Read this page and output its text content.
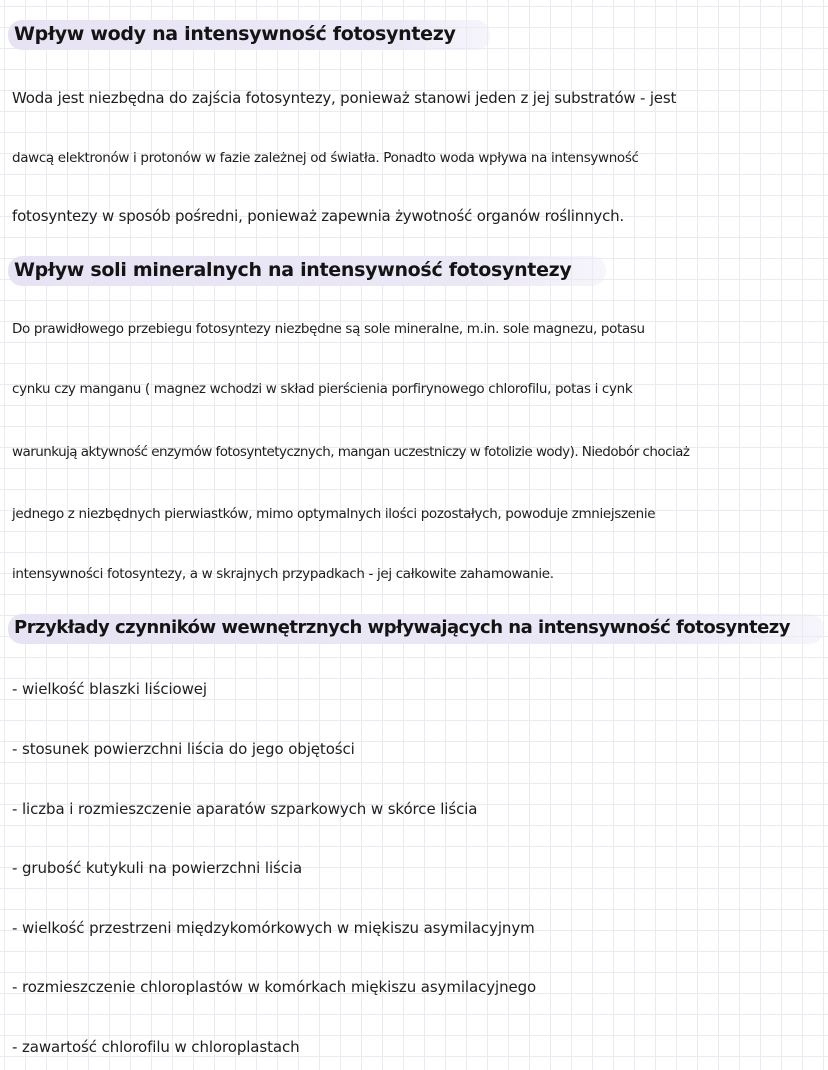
Wpływ wody na intensywność fotosyntezy
Woda jest niezbędna do zajścia fotosyntezy, ponieważ stanowi jeden z jej substratów - jest
dawcą elektronów i protonów w fazie zależnej od światła. Ponadto woda wpływa na intensywność
fotosyntezy w sposób pośredni, ponieważ zapewnia żywotność organów roślinnych.
Wpływ soli mineralnych na intensywność fotosyntezy
Do prawidłowego przebiegu fotosyntezy niezbędne są sole mineralne, m.in. sole magnezu, potasu
cynku czy manganu ( magnez wchodzi w skład pierścienia porfirynowego chlorofilu, potas i cynk
warunkują aktywność enzymów fotosyntetycznych, mangan uczestniczy w fotolizie wody). Niedobór chociaż
jednego z niezbędnych pierwiastków, mimo optymalnych ilości pozostałych, powoduje zmniejszenie
intensywności fotosyntezy, a w skrajnych przypadkach - jej całkowite zahamowanie.
Przykłady czynników wewnętrznych wpływających na intensywność fotosyntezy
- wielkość blaszki liściowej
- stosunek powierzchni liścia do jego objętości
- liczba i rozmieszczenie aparatów szparkowych w skórce liścia
- grubość kutykuli na powierzchni liścia
- wielkość przestrzeni międzykomórkowych w miękiszu asymilacyjnym
- rozmieszczenie chloroplastów w komórkach miękiszu asymilacyjnego
- zawartość chlorofilu w chloroplastach
